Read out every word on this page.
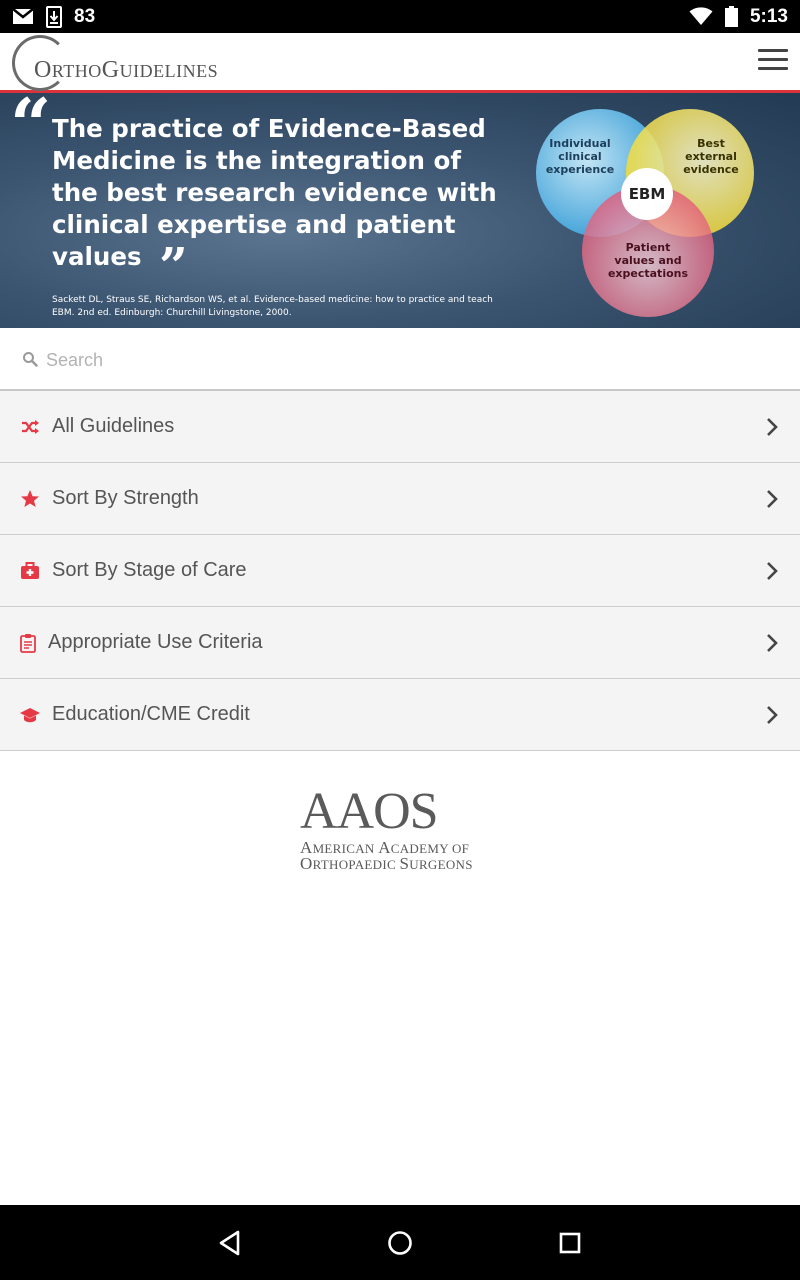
83	5:13
ORTHOGUIDELINES
“ The practice of Evidence-Based Medicine is the integration of the best research evidence with clinical expertise and patient values ”
Sackett DL, Straus SE, Richardson WS, et al. Evidence-based medicine: how to practice and teach EBM. 2nd ed. Edinburgh: Churchill Livingstone, 2000.
Individual clinical experience
Best external evidence
Patient values and expectations
EBM
Search
All Guidelines
Sort By Strength
Sort By Stage of Care
Appropriate Use Criteria
Education/CME Credit
AAOS
AMERICAN ACADEMY OF
ORTHOPAEDIC SURGEONS
